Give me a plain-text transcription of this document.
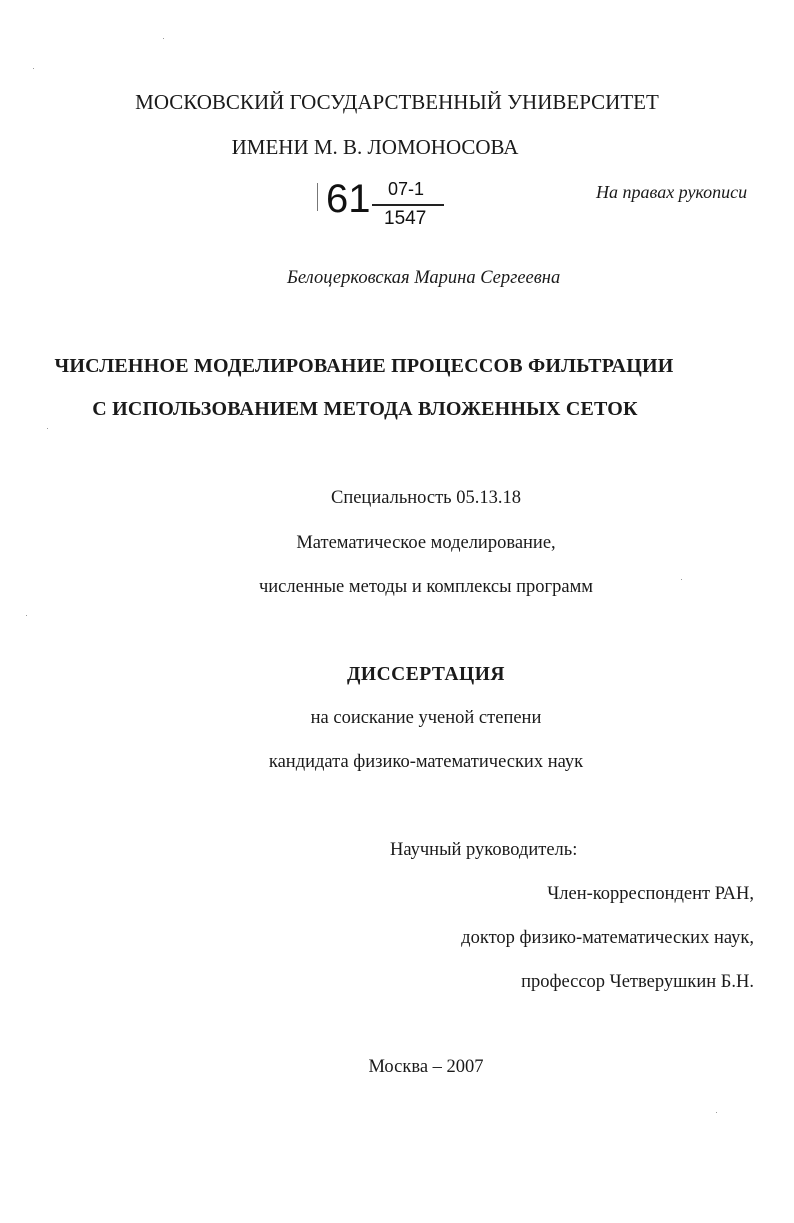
МОСКОВСКИЙ ГОСУДАРСТВЕННЫЙ УНИВЕРСИТЕТ
ИМЕНИ М. В. ЛОМОНОСОВА
61 07-1
1547
На правах рукописи
Белоцерковская Марина Сергеевна
ЧИСЛЕННОЕ МОДЕЛИРОВАНИЕ ПРОЦЕССОВ ФИЛЬТРАЦИИ
С ИСПОЛЬЗОВАНИЕМ МЕТОДА ВЛОЖЕННЫХ СЕТОК
Специальность 05.13.18
Математическое моделирование,
численные методы и комплексы программ
ДИССЕРТАЦИЯ
на соискание ученой степени
кандидата физико-математических наук
Научный руководитель:
Член-корреспондент РАН,
доктор физико-математических наук,
профессор Четверушкин Б.Н.
Москва – 2007
